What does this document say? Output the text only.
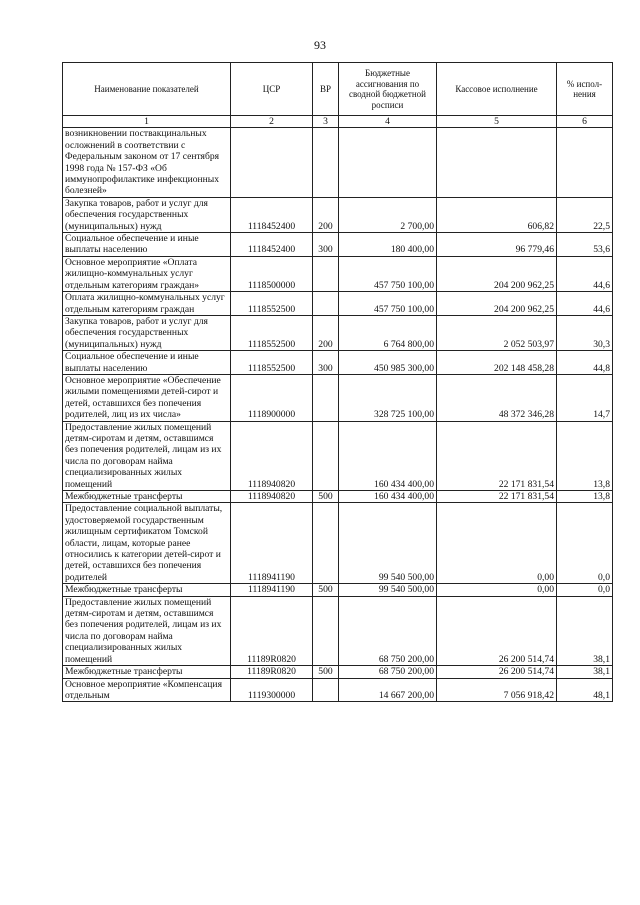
93
Наименование показателей	ЦСР	ВР	Бюджетные ассигнования по сводной бюджетной росписи	Кассовое исполнение	% испол-нения
1	2	3	4	5	6
возникновении поствакцинальных осложнений в соответствии с Федеральным законом от 17 сентября 1998 года № 157-ФЗ «Об иммунопрофилактике инфекционных болезней»					
Закупка товаров, работ и услуг для обеспечения государственных (муниципальных) нужд	1118452400	200	2 700,00	606,82	22,5
Социальное обеспечение и иные выплаты населению	1118452400	300	180 400,00	96 779,46	53,6
Основное мероприятие «Оплата жилищно-коммунальных услуг отдельным категориям граждан»	1118500000		457 750 100,00	204 200 962,25	44,6
Оплата жилищно-коммунальных услуг отдельным категориям граждан	1118552500		457 750 100,00	204 200 962,25	44,6
Закупка товаров, работ и услуг для обеспечения государственных (муниципальных) нужд	1118552500	200	6 764 800,00	2 052 503,97	30,3
Социальное обеспечение и иные выплаты населению	1118552500	300	450 985 300,00	202 148 458,28	44,8
Основное мероприятие «Обеспечение жилыми помещениями детей-сирот и детей, оставшихся без попечения родителей, лиц из их числа»	1118900000		328 725 100,00	48 372 346,28	14,7
Предоставление жилых помещений детям-сиротам и детям, оставшимся без попечения родителей, лицам из их числа по договорам найма специализированных жилых помещений	1118940820		160 434 400,00	22 171 831,54	13,8
Межбюджетные трансферты	1118940820	500	160 434 400,00	22 171 831,54	13,8
Предоставление социальной выплаты, удостоверяемой государственным жилищным сертификатом Томской области, лицам, которые ранее относились к категории детей-сирот и детей, оставшихся без попечения родителей	1118941190		99 540 500,00	0,00	0,0
Межбюджетные трансферты	1118941190	500	99 540 500,00	0,00	0,0
Предоставление жилых помещений детям-сиротам и детям, оставшимся без попечения родителей, лицам из их числа по договорам найма специализированных жилых помещений	11189R0820		68 750 200,00	26 200 514,74	38,1
Межбюджетные трансферты	11189R0820	500	68 750 200,00	26 200 514,74	38,1
Основное мероприятие «Компенсация отдельным	1119300000		14 667 200,00	7 056 918,42	48,1
